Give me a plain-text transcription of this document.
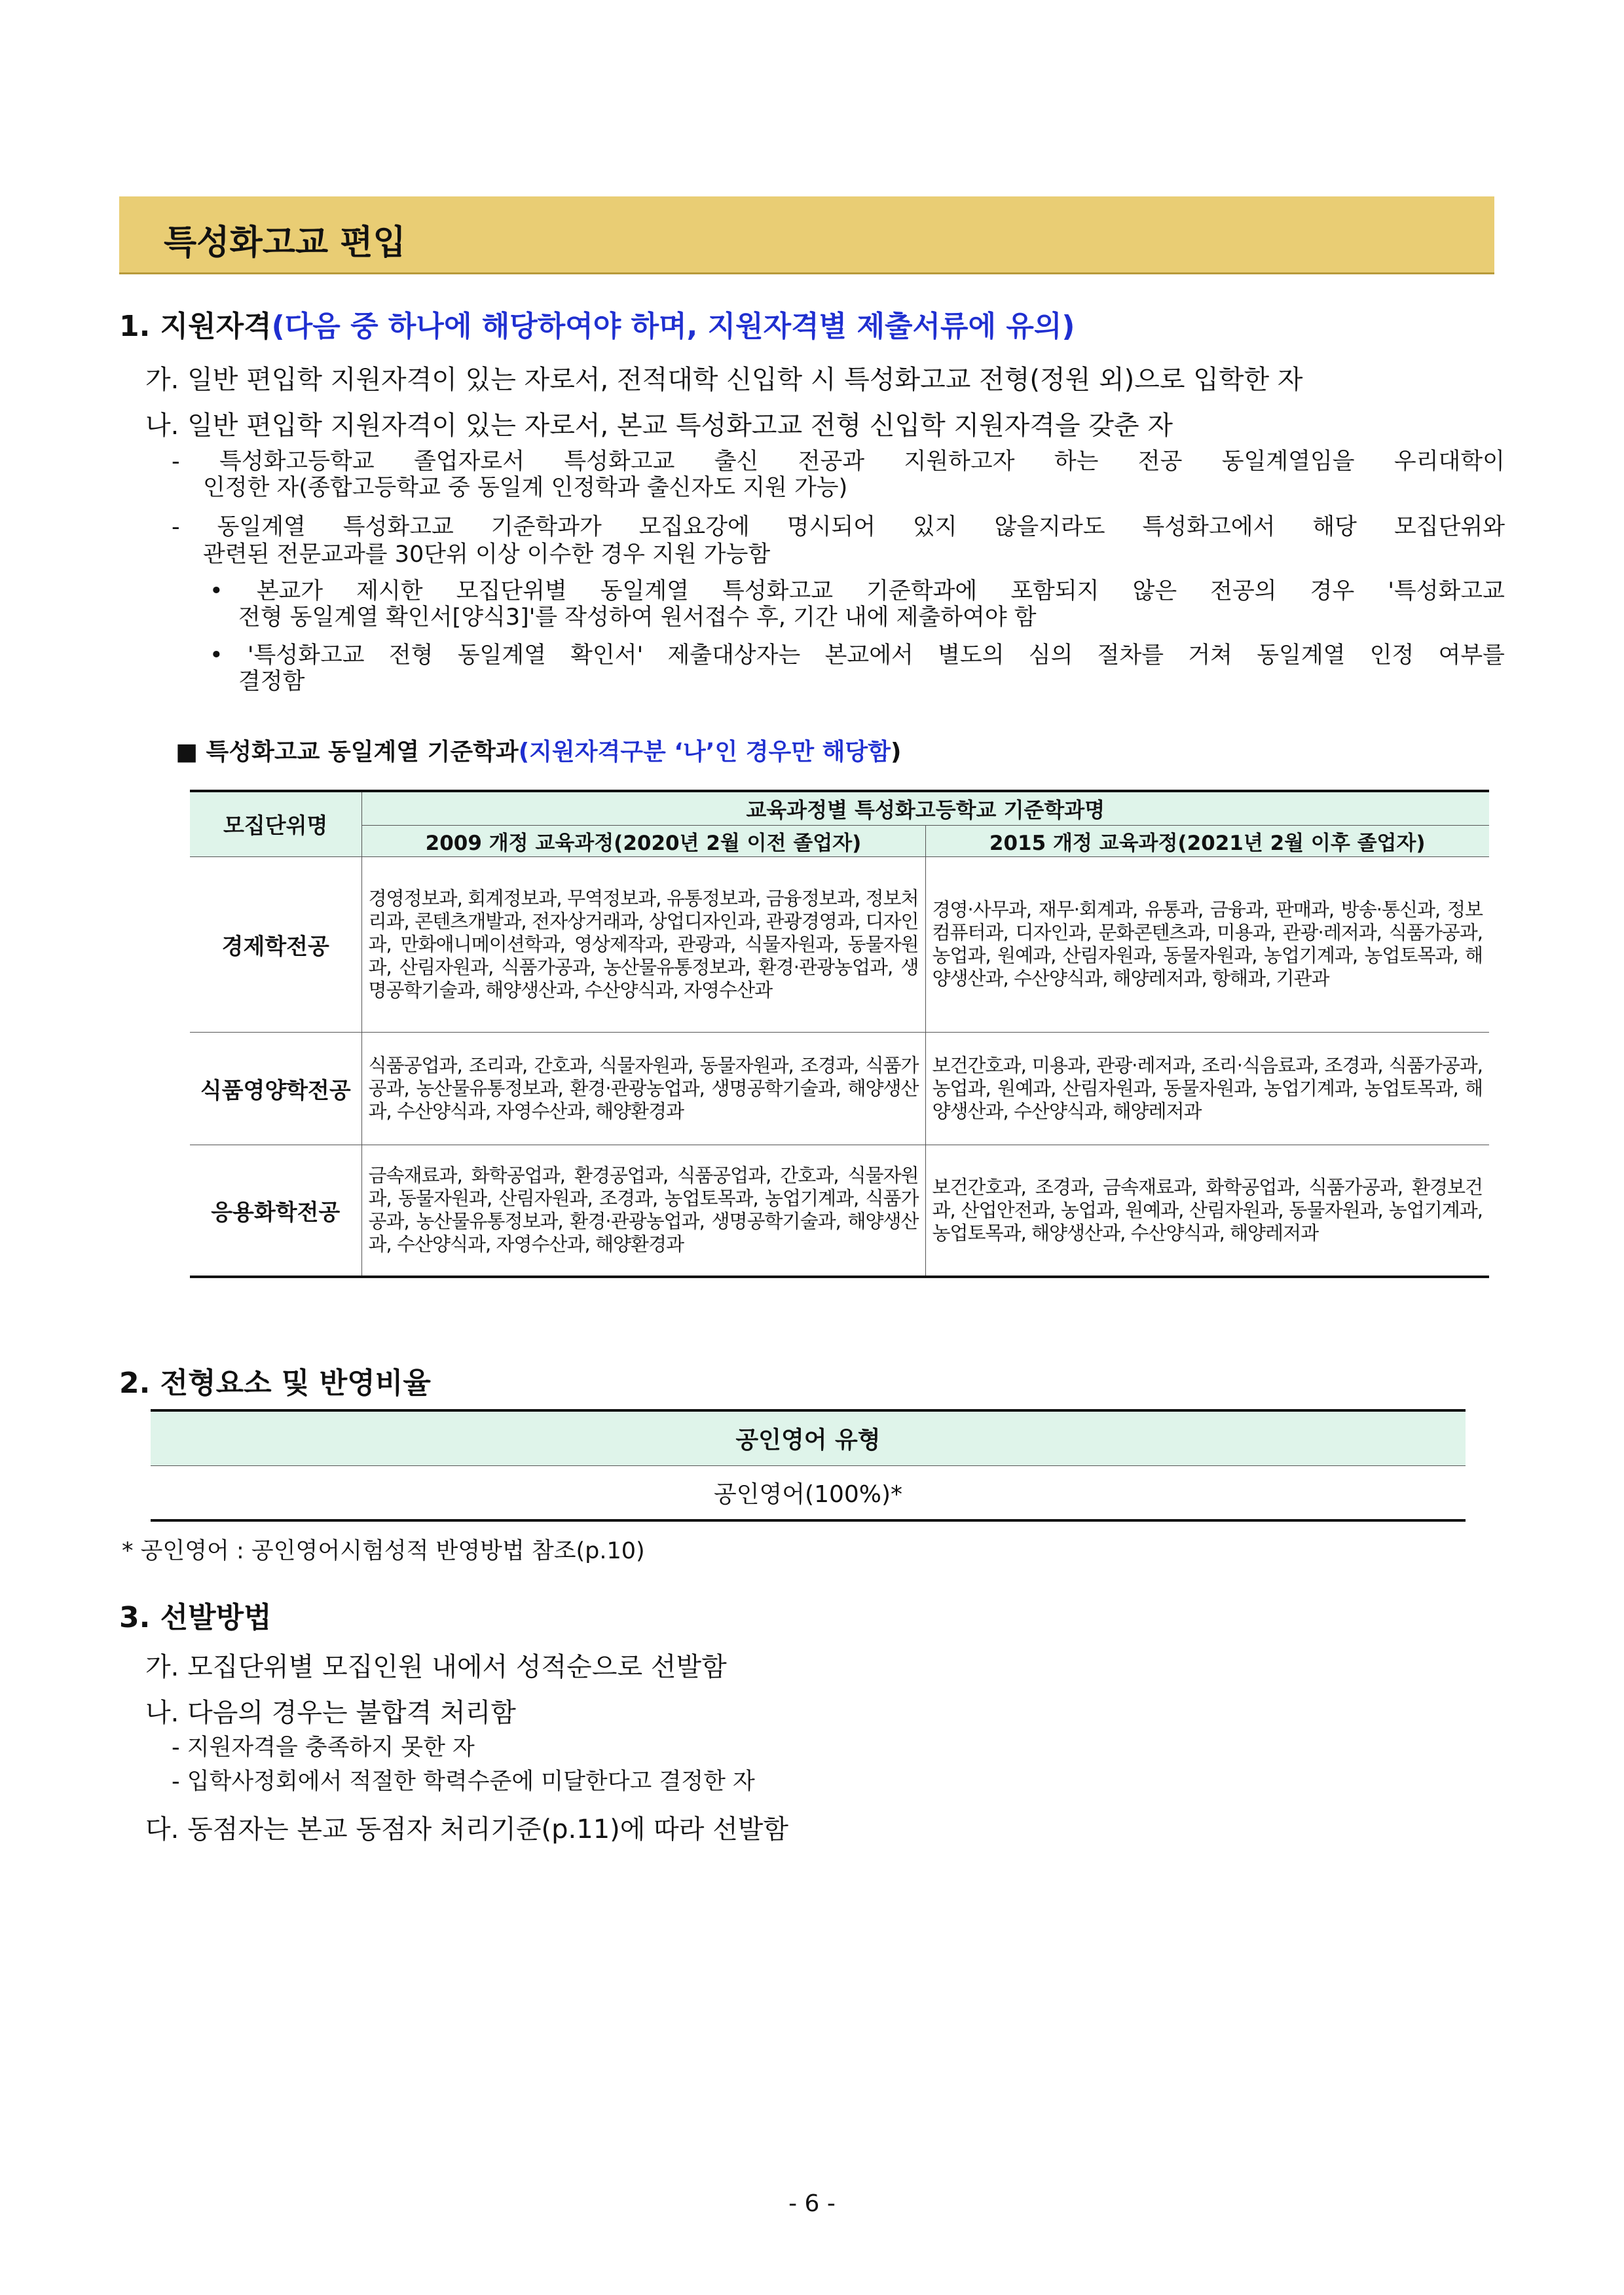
특성화고교 편입
1. 지원자격(다음 중 하나에 해당하여야 하며, 지원자격별 제출서류에 유의)
가. 일반 편입학 지원자격이 있는 자로서, 전적대학 신입학 시 특성화고교 전형(정원 외)으로 입학한 자
나. 일반 편입학 지원자격이 있는 자로서, 본교 특성화고교 전형 신입학 지원자격을 갖춘 자
- 특성화고등학교 졸업자로서 특성화고교 출신 전공과 지원하고자 하는 전공 동일계열임을 우리대학이
인정한 자(종합고등학교 중 동일계 인정학과 출신자도 지원 가능)
- 동일계열 특성화고교 기준학과가 모집요강에 명시되어 있지 않을지라도 특성화고에서 해당 모집단위와
관련된 전문교과를 30단위 이상 이수한 경우 지원 가능함
• 본교가 제시한 모집단위별 동일계열 특성화고교 기준학과에 포함되지 않은 전공의 경우 '특성화고교
전형 동일계열 확인서[양식3]'를 작성하여 원서접수 후, 기간 내에 제출하여야 함
• '특성화고교 전형 동일계열 확인서' 제출대상자는 본교에서 별도의 심의 절차를 거쳐 동일계열 인정 여부를
결정함
■ 특성화고교 동일계열 기준학과(지원자격구분 ‘나’인 경우만 해당함)
모집단위명	교육과정별 특성화고등학교 기준학과명	
	2009 개정 교육과정(2020년 2월 이전 졸업자)	2015 개정 교육과정(2021년 2월 이후 졸업자)
경제학전공	경영정보과, 회계정보과, 무역정보과, 유통정보과, 금융정보과, 정보처리과, 콘텐츠개발과, 전자상거래과, 상업디자인과, 관광경영과, 디자인과, 만화애니메이션학과, 영상제작과, 관광과, 식물자원과, 동물자원과, 산림자원과, 식품가공과, 농산물유통정보과, 환경·관광농업과, 생명공학기술과, 해양생산과, 수산양식과, 자영수산과	경영·사무과, 재무·회계과, 유통과, 금융과, 판매과, 방송·통신과, 정보컴퓨터과, 디자인과, 문화콘텐츠과, 미용과, 관광·레저과, 식품가공과, 농업과, 원예과, 산림자원과, 동물자원과, 농업기계과, 농업토목과, 해양생산과, 수산양식과, 해양레저과, 항해과, 기관과
식품영양학전공	식품공업과, 조리과, 간호과, 식물자원과, 동물자원과, 조경과, 식품가공과, 농산물유통정보과, 환경·관광농업과, 생명공학기술과, 해양생산과, 수산양식과, 자영수산과, 해양환경과	보건간호과, 미용과, 관광·레저과, 조리·식음료과, 조경과, 식품가공과, 농업과, 원예과, 산림자원과, 동물자원과, 농업기계과, 농업토목과, 해양생산과, 수산양식과, 해양레저과
응용화학전공	금속재료과, 화학공업과, 환경공업과, 식품공업과, 간호과, 식물자원과, 동물자원과, 산림자원과, 조경과, 농업토목과, 농업기계과, 식품가공과, 농산물유통정보과, 환경·관광농업과, 생명공학기술과, 해양생산과, 수산양식과, 자영수산과, 해양환경과	보건간호과, 조경과, 금속재료과, 화학공업과, 식품가공과, 환경보건과, 산업안전과, 농업과, 원예과, 산림자원과, 동물자원과, 농업기계과, 농업토목과, 해양생산과, 수산양식과, 해양레저과
2. 전형요소 및 반영비율
공인영어 유형
공인영어(100%)*
* 공인영어 : 공인영어시험성적 반영방법 참조(p.10)
3. 선발방법
가. 모집단위별 모집인원 내에서 성적순으로 선발함
나. 다음의 경우는 불합격 처리함
- 지원자격을 충족하지 못한 자
- 입학사정회에서 적절한 학력수준에 미달한다고 결정한 자
다. 동점자는 본교 동점자 처리기준(p.11)에 따라 선발함
- 6 -
